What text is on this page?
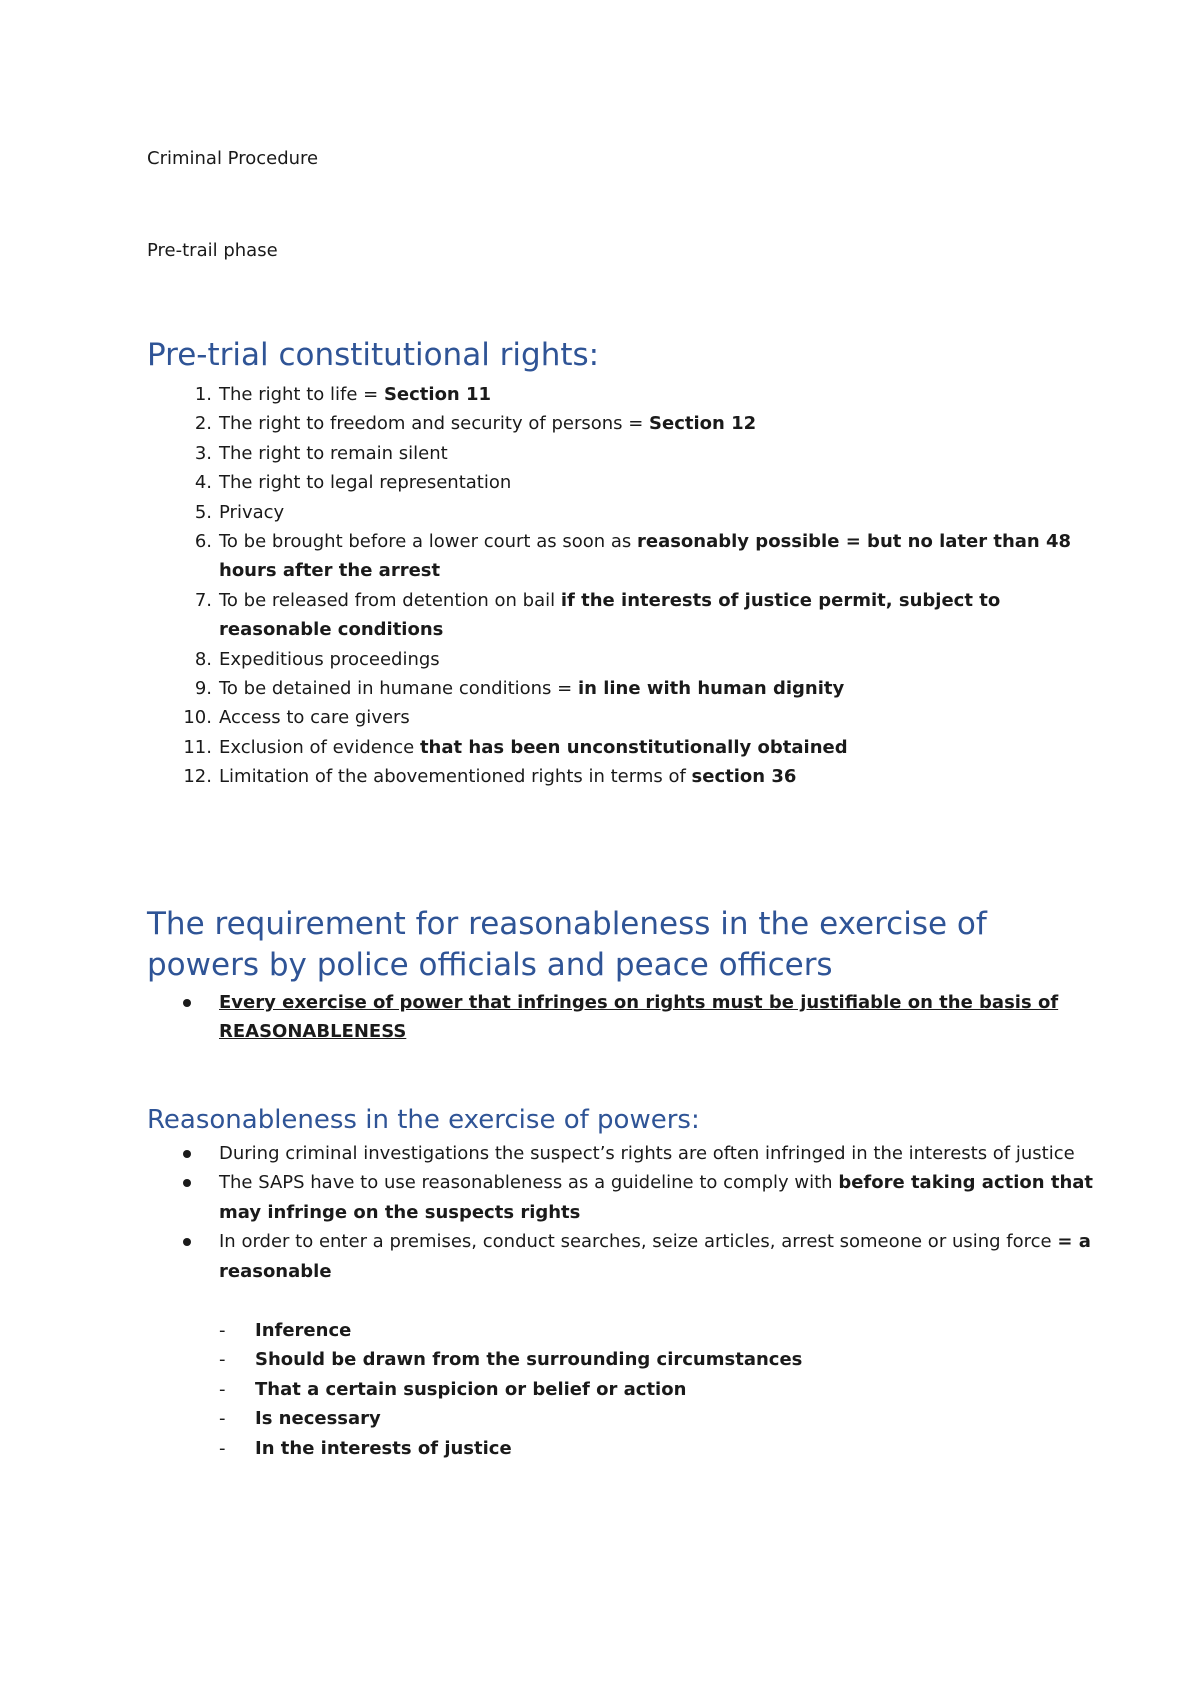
Criminal Procedure
Pre-trail phase
Pre-trial constitutional rights:
1. The right to life = Section 11
2. The right to freedom and security of persons = Section 12
3. The right to remain silent
4. The right to legal representation
5. Privacy
6. To be brought before a lower court as soon as reasonably possible = but no later than 48 hours after the arrest
7. To be released from detention on bail if the interests of justice permit, subject to reasonable conditions
8. Expeditious proceedings
9. To be detained in humane conditions = in line with human dignity
10. Access to care givers
11. Exclusion of evidence that has been unconstitutionally obtained
12. Limitation of the abovementioned rights in terms of section 36
The requirement for reasonableness in the exercise of
powers by police officials and peace officers
Every exercise of power that infringes on rights must be justifiable on the basis of REASONABLENESS
Reasonableness in the exercise of powers:
During criminal investigations the suspect’s rights are often infringed in the interests of justice
The SAPS have to use reasonableness as a guideline to comply with before taking action that may infringe on the suspects rights
In order to enter a premises, conduct searches, seize articles, arrest someone or using force = a reasonable
- Inference
- Should be drawn from the surrounding circumstances
- That a certain suspicion or belief or action
- Is necessary
- In the interests of justice
